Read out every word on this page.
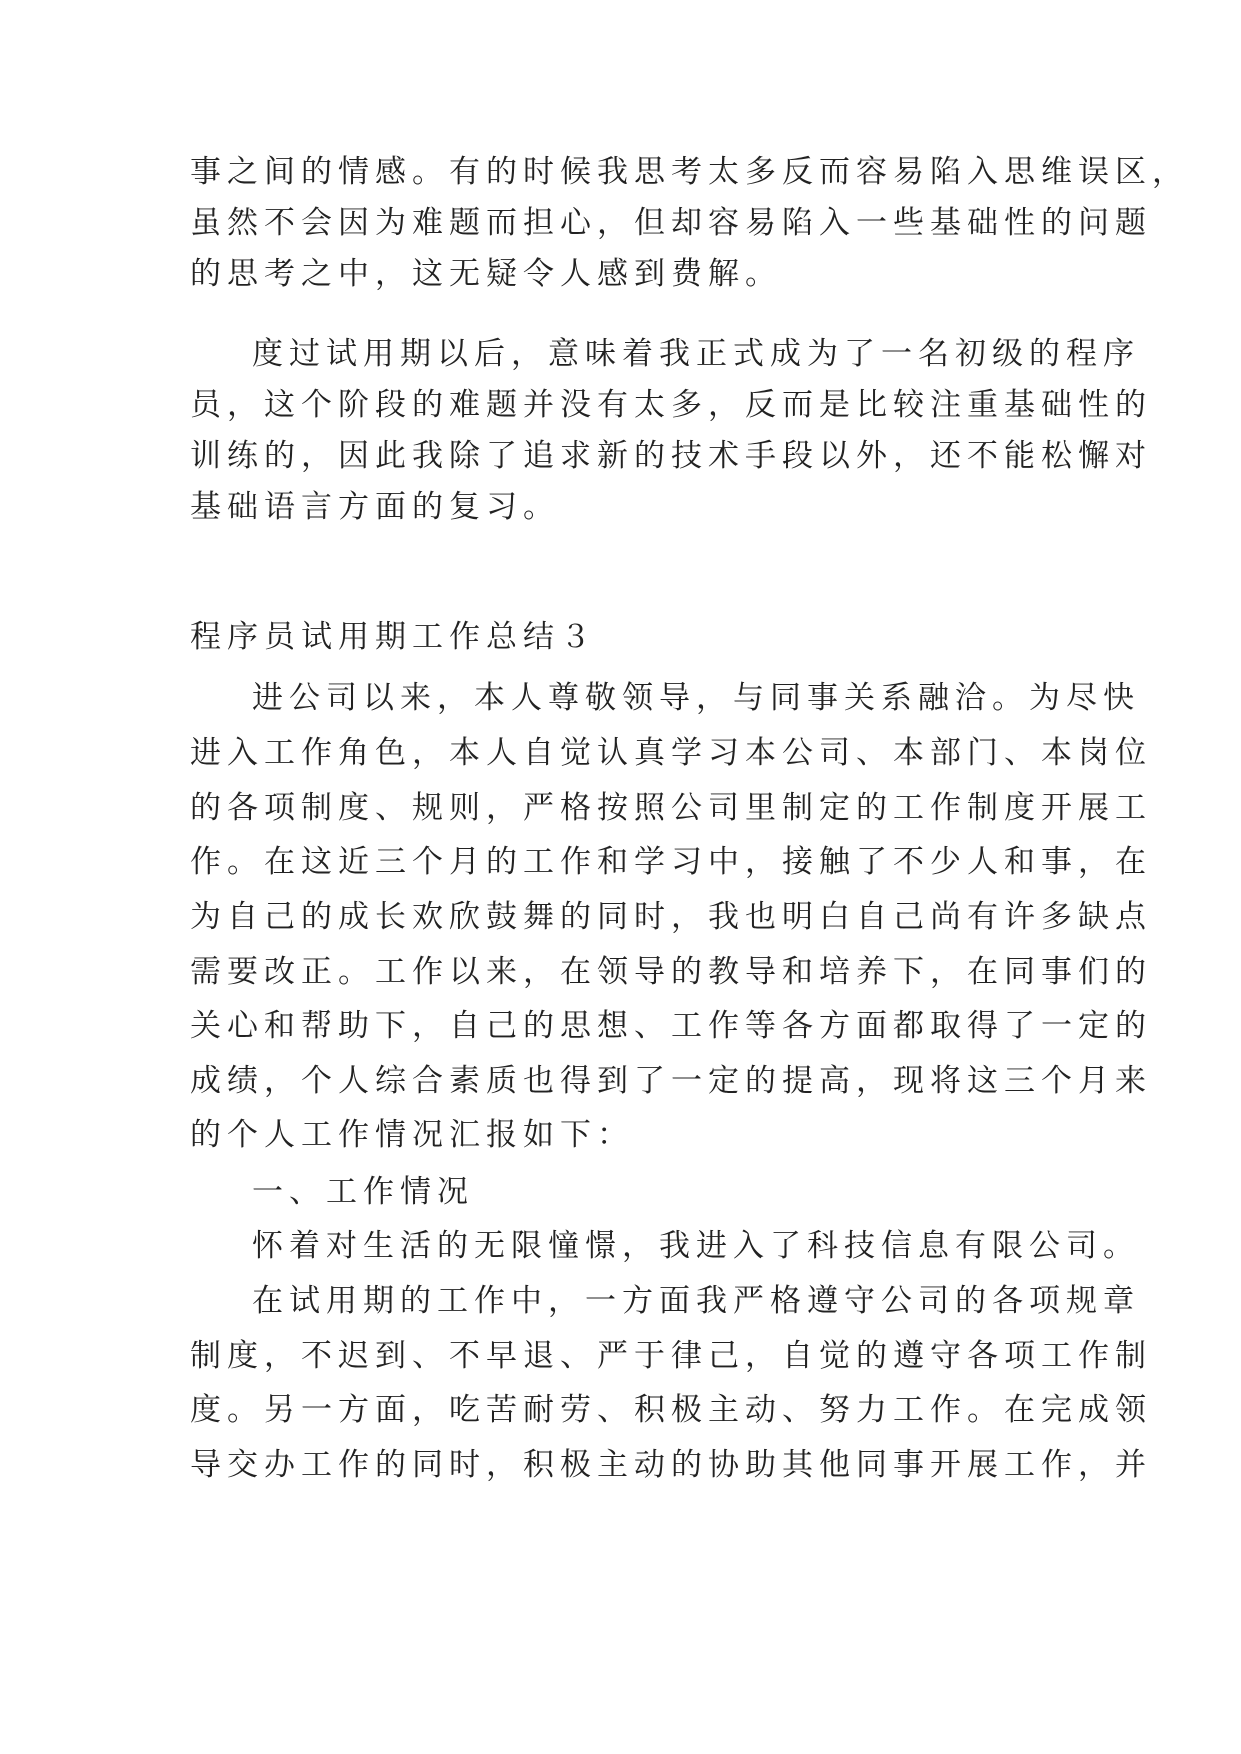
事之间的情感。有的时候我思考太多反而容易陷入思维误区，
虽然不会因为难题而担心，但却容易陷入一些基础性的问题
的思考之中，这无疑令人感到费解。
度过试用期以后，意味着我正式成为了一名初级的程序
员，这个阶段的难题并没有太多，反而是比较注重基础性的
训练的，因此我除了追求新的技术手段以外，还不能松懈对
基础语言方面的复习。
程序员试用期工作总结３
进公司以来，本人尊敬领导，与同事关系融洽。为尽快
进入工作角色，本人自觉认真学习本公司、本部门、本岗位
的各项制度、规则，严格按照公司里制定的工作制度开展工
作。在这近三个月的工作和学习中，接触了不少人和事，在
为自己的成长欢欣鼓舞的同时，我也明白自己尚有许多缺点
需要改正。工作以来，在领导的教导和培养下，在同事们的
关心和帮助下，自己的思想、工作等各方面都取得了一定的
成绩，个人综合素质也得到了一定的提高，现将这三个月来
的个人工作情况汇报如下：
一、工作情况
怀着对生活的无限憧憬，我进入了科技信息有限公司。
在试用期的工作中，一方面我严格遵守公司的各项规章
制度，不迟到、不早退、严于律己，自觉的遵守各项工作制
度。另一方面，吃苦耐劳、积极主动、努力工作。在完成领
导交办工作的同时，积极主动的协助其他同事开展工作，并
